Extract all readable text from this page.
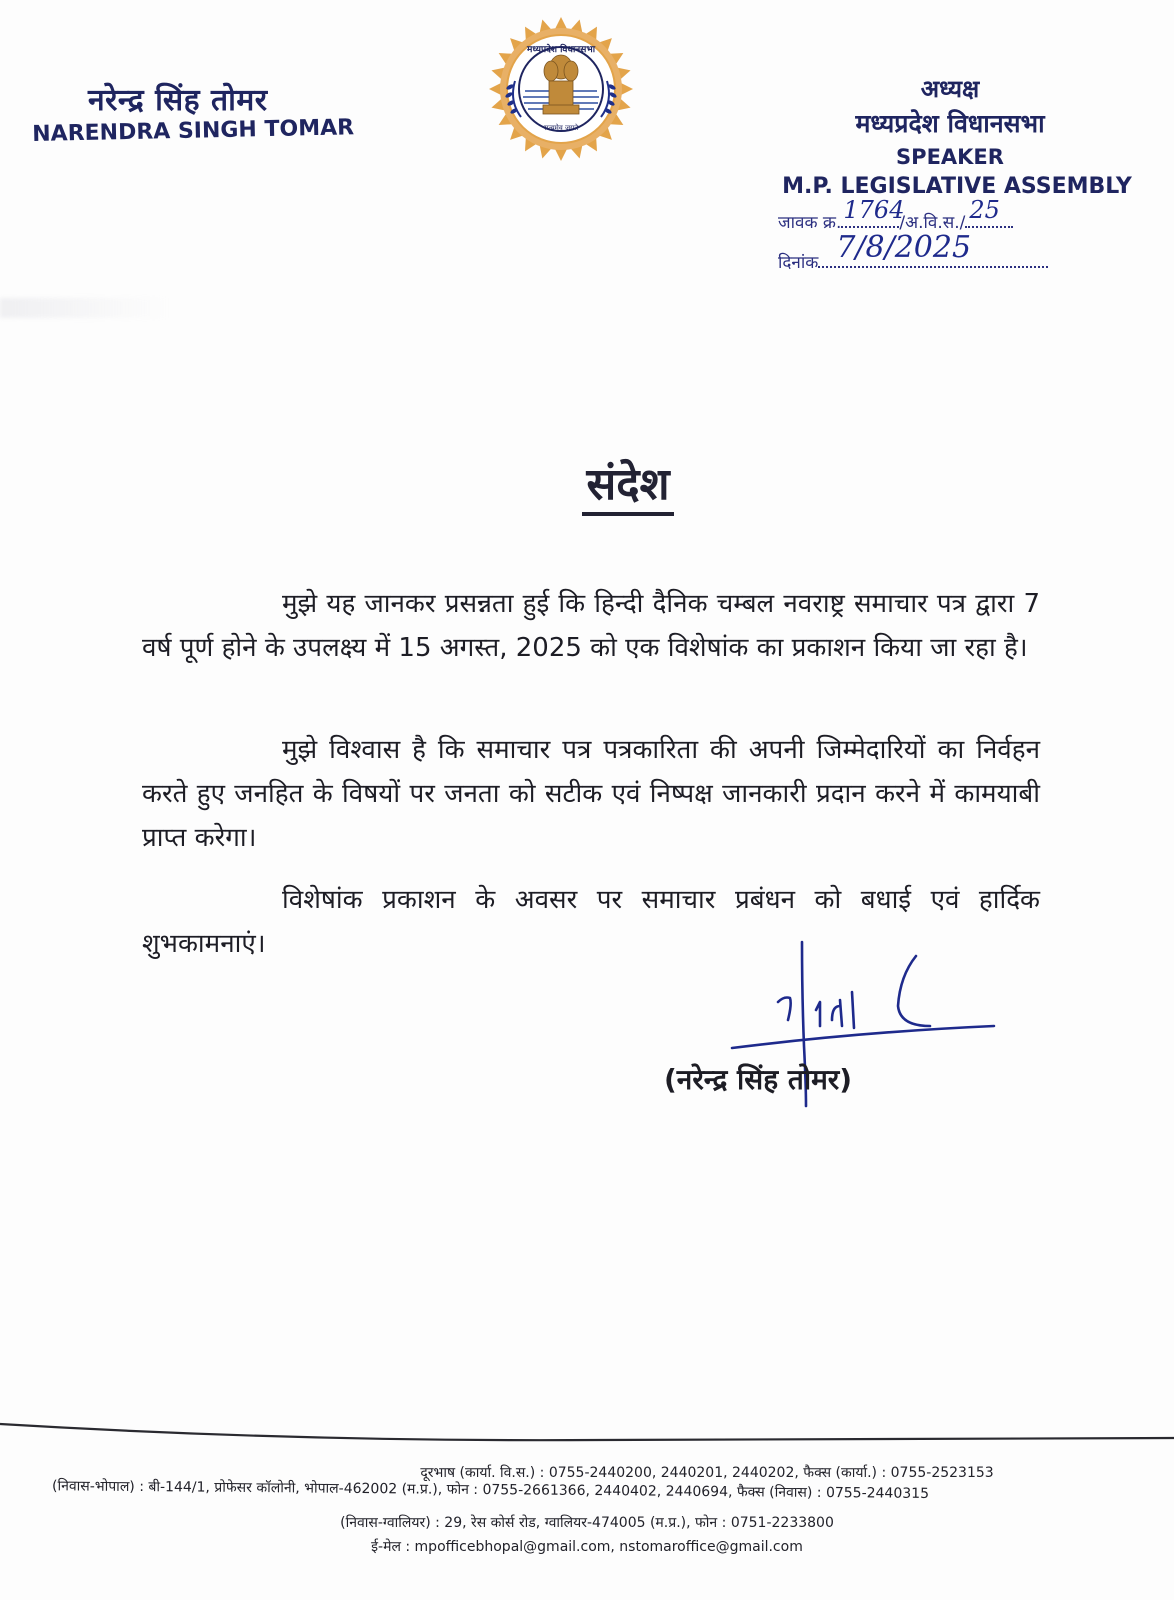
नरेन्द्र सिंह तोमर
NARENDRA SINGH TOMAR
मध्यप्रदेश विधानसभा
सत्यमेव जयते
अध्यक्ष
मध्यप्रदेश विधानसभा
SPEAKER
M.P. LEGISLATIVE ASSEMBLY
जावक क्र. 1764
/अ.वि.स./ 25
दिनांक 7/8/2025
संदेश

मुझे यह जानकर प्रसन्नता हुई कि हिन्दी दैनिक चम्बल नवराष्ट्र समाचार पत्र द्वारा 7 वर्ष पूर्ण होने के उपलक्ष्य में 15 अगस्त, 2025 को एक विशेषांक का प्रकाशन किया जा रहा है।

मुझे विश्वास है कि समाचार पत्र पत्रकारिता की अपनी जिम्मेदारियों का निर्वहन करते हुए जनहित के विषयों पर जनता को सटीक एवं निष्पक्ष जानकारी प्रदान करने में कामयाबी प्राप्त करेगा।

विशेषांक प्रकाशन के अवसर पर समाचार प्रबंधन को बधाई एवं हार्दिक शुभकामनाएं।

(नरेन्द्र सिंह तोमर)
दूरभाष (कार्या. वि.स.) : 0755-2440200, 2440201, 2440202, फैक्स (कार्या.) : 0755-2523153
(निवास-भोपाल) : बी-144/1, प्रोफेसर कॉलोनी, भोपाल-462002 (म.प्र.), फोन : 0755-2661366, 2440402, 2440694, फैक्स (निवास) : 0755-2440315
(निवास-ग्वालियर) : 29, रेस कोर्स रोड, ग्वालियर-474005 (म.प्र.), फोन : 0751-2233800
ई-मेल : mpofficebhopal@gmail.com, nstomaroffice@gmail.com
